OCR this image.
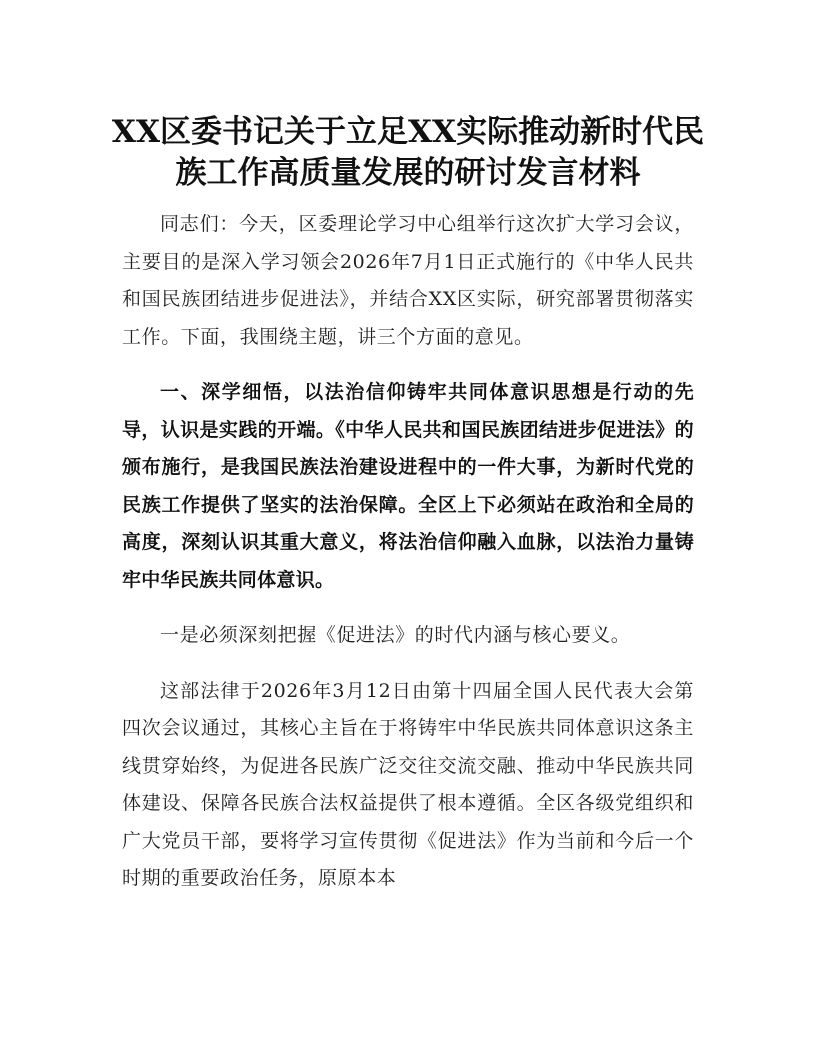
XX区委书记关于立足XX实际推动新时代民族工作高质量发展的研讨发言材料

同志们：今天，区委理论学习中心组举行这次扩大学习会议，主要目的是深入学习领会2026年7月1日正式施行的《中华人民共和国民族团结进步促进法》，并结合XX区实际，研究部署贯彻落实工作。下面，我围绕主题，讲三个方面的意见。

一、深学细悟，以法治信仰铸牢共同体意识思想是行动的先导，认识是实践的开端。《中华人民共和国民族团结进步促进法》的颁布施行，是我国民族法治建设进程中的一件大事，为新时代党的民族工作提供了坚实的法治保障。全区上下必须站在政治和全局的高度，深刻认识其重大意义，将法治信仰融入血脉，以法治力量铸牢中华民族共同体意识。

一是必须深刻把握《促进法》的时代内涵与核心要义。

这部法律于2026年3月12日由第十四届全国人民代表大会第四次会议通过，其核心主旨在于将铸牢中华民族共同体意识这条主线贯穿始终，为促进各民族广泛交往交流交融、推动中华民族共同体建设、保障各民族合法权益提供了根本遵循。全区各级党组织和广大党员干部，要将学习宣传贯彻《促进法》作为当前和今后一个时期的重要政治任务，原原本本
